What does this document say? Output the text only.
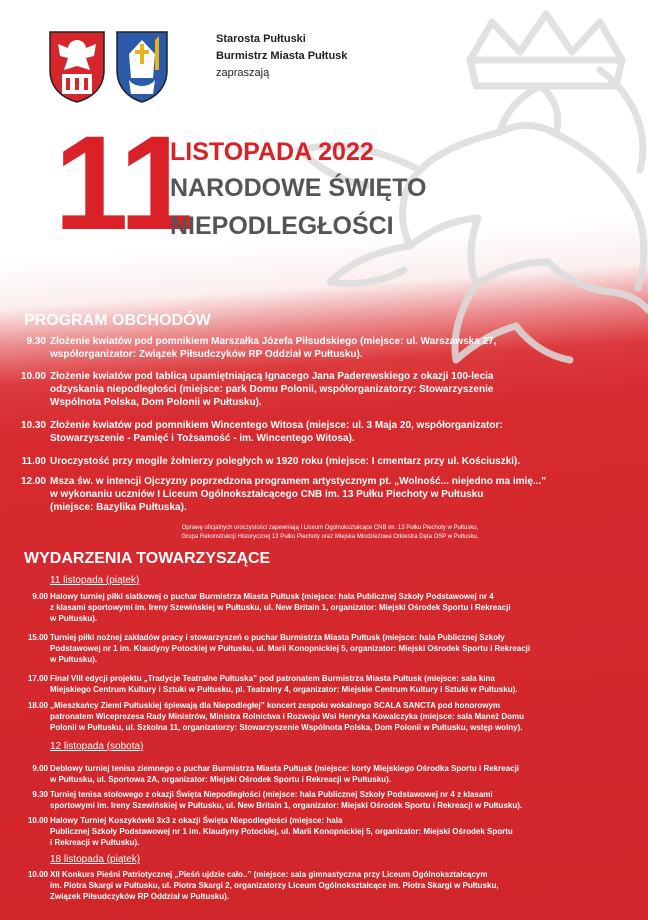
Starosta Pułtuski
Burmistrz Miasta Pułtusk
zapraszają
11
LISTOPADA 2022
NARODOWE ŚWIĘTO
NIEPODLEGŁOŚCI
PROGRAM OBCHODÓW
9.30 Złożenie kwiatów pod pomnikiem Marszałka Józefa Piłsudskiego (miejsce: ul. Warszawska 27,
współorganizator: Związek Piłsudczyków RP Oddział w Pułtusku).
10.00 Złożenie kwiatów pod tablicą upamiętniającą Ignacego Jana Paderewskiego z okazji 100-lecia
odzyskania niepodległości (miejsce: park Domu Polonii, współorganizatorzy: Stowarzyszenie
Wspólnota Polska, Dom Polonii w Pułtusku).
10.30 Złożenie kwiatów pod pomnikiem Wincentego Witosa (miejsce: ul. 3 Maja 20, współorganizator:
Stowarzyszenie - Pamięć i Tożsamość - im. Wincentego Witosa).
11.00 Uroczystość przy mogile żołnierzy poległych w 1920 roku (miejsce: I cmentarz przy ul. Kościuszki).
12.00 Msza św. w intencji Ojczyzny poprzedzona programem artystycznym pt. „Wolność... niejedno ma imię...”
w wykonaniu uczniów I Liceum Ogólnokształcącego CNB im. 13 Pułku Piechoty w Pułtusku
(miejsce: Bazylika Pułtuska).
Oprawę oficjalnych uroczystości zapewniają I Liceum Ogólnokształcące CNB im. 13 Pułku Piechoty w Pułtusku,
Grupa Rekonstrukcji Historycznej 13 Pułku Piechoty oraz Miejska Młodzieżowa Orkiestra Dęta OSP w Pułtusku.
WYDARZENIA TOWARZYSZĄCE
11 listopada (piątek)
9.00 Halowy turniej piłki siatkowej o puchar Burmistrza Miasta Pułtusk (miejsce: hala Publicznej Szkoły Podstawowej nr 4
z klasami sportowymi im. Ireny Szewińskiej w Pułtusku, ul. New Britain 1, organizator: Miejski Ośrodek Sportu i Rekreacji
w Pułtusku).
15.00 Turniej piłki nożnej zakładów pracy i stowarzyszeń o puchar Burmistrza Miasta Pułtusk (miejsce: hala Publicznej Szkoły
Podstawowej nr 1 im. Klaudyny Potockiej w Pułtusku, ul. Marii Konopnickiej 5, organizator: Miejski Ośrodek Sportu i Rekreacji
w Pułtusku).
17.00 Finał VIII edycji projektu „Tradycje Teatralne Pułtuska” pod patronatem Burmistrza Miasta Pułtusk (miejsce: sala kina
Miejskiego Centrum Kultury i Sztuki w Pułtusku, pl. Teatralny 4, organizator: Miejskie Centrum Kultury i Sztuki w Pułtusku).
18.00 „Mieszkańcy Ziemi Pułtuskiej śpiewają dla Niepodległej” koncert zespołu wokalnego SCALA SANCTA pod honorowym
patronatem Wiceprezesa Rady Ministrów, Ministra Rolnictwa i Rozwoju Wsi Henryka Kowalczyka (miejsce: sala Maneż Domu
Polonii w Pułtusku, ul. Szkolna 11, organizatorzy: Stowarzyszenie Wspólnota Polska, Dom Polonii w Pułtusku, wstęp wolny).
12 listopada (sobota)
9.00 Deblowy turniej tenisa ziemnego o puchar Burmistrza Miasta Pułtusk (miejsce: korty Miejskiego Ośrodka Sportu i Rekreacji
w Pułtusku, ul. Sportowa 2A, organizator: Miejski Ośrodek Sportu i Rekreacji w Pułtusku).
9.30 Turniej tenisa stołowego z okazji Święta Niepodległości (miejsce: hala Publicznej Szkoły Podstawowej nr 4 z klasami
sportowymi im. Ireny Szewińskiej w Pułtusku, ul. New Britain 1, organizator: Miejski Ośrodek Sportu i Rekreacji w Pułtusku).
10.00 Halowy Turniej Koszykówki 3x3 z okazji Święta Niepodległości (miejsce: hala
Publicznej Szkoły Podstawowej nr 1 im. Klaudyny Potockiej, ul. Marii Konopnickiej 5, organizator: Miejski Ośrodek Sportu
i Rekreacji w Pułtusku).
18 listopada (piątek)
10.00 XII Konkurs Pieśni Patriotycznej „Pieśń ujdzie cało..” (miejsce: sala gimnastyczna przy Liceum Ogólnokształcącym
im. Piotra Skargi w Pułtusku, ul. Piotra Skargi 2, organizatorzy Liceum Ogólnokształcące im. Piotra Skargi w Pułtusku,
Związek Piłsudczyków RP Oddział w Pułtusku).
